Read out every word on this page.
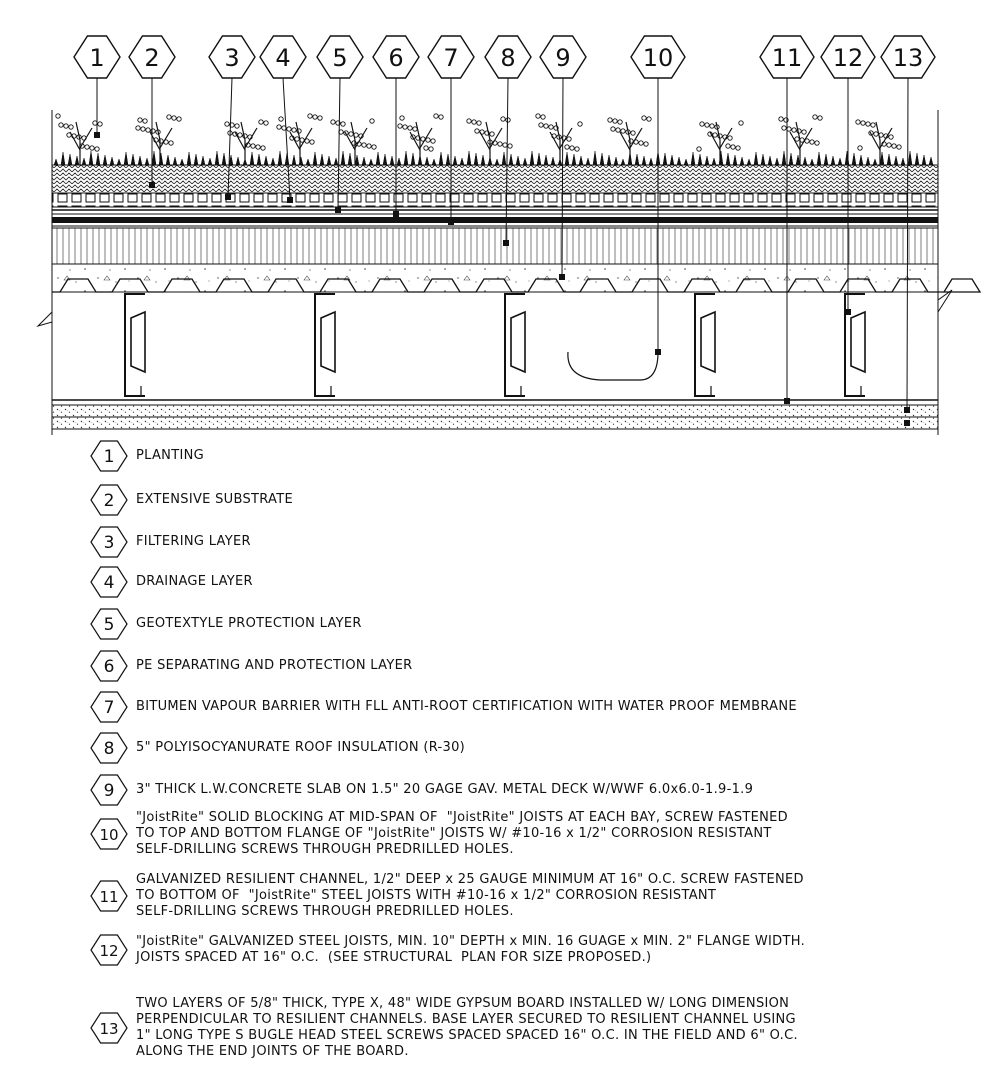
1 2	3 4 5 6 7 8 9	10	11 12 13
1 PLANTING
2 EXTENSIVE SUBSTRATE
3 FILTERING LAYER
4 DRAINAGE LAYER
5 GEOTEXTYLE PROTECTION LAYER
6 PE SEPARATING AND PROTECTION LAYER
7 BITUMEN VAPOUR BARRIER WITH FLL ANTI-ROOT CERTIFICATION WITH WATER PROOF MEMBRANE
8 5" POLYISOCYANURATE ROOF INSULATION (R-30)
9 3" THICK L.W.CONCRETE SLAB ON 1.5" 20 GAGE GAV. METAL DECK W/WWF 6.0x6.0-1.9-1.9
10
"JoistRite" SOLID BLOCKING AT MID-SPAN OF  "JoistRite" JOISTS AT EACH BAY, SCREW FASTENED
TO TOP AND BOTTOM FLANGE OF "JoistRite" JOISTS W/ #10-16 x 1/2" CORROSION RESISTANT
SELF-DRILLING SCREWS THROUGH PREDRILLED HOLES.
11
GALVANIZED RESILIENT CHANNEL, 1/2" DEEP x 25 GAUGE MINIMUM AT 16" O.C. SCREW FASTENED
TO BOTTOM OF  "JoistRite" STEEL JOISTS WITH #10-16 x 1/2" CORROSION RESISTANT
SELF-DRILLING SCREWS THROUGH PREDRILLED HOLES.
12
"JoistRite" GALVANIZED STEEL JOISTS, MIN. 10" DEPTH x MIN. 16 GUAGE x MIN. 2" FLANGE WIDTH.
JOISTS SPACED AT 16" O.C.  (SEE STRUCTURAL  PLAN FOR SIZE PROPOSED.)
13
TWO LAYERS OF 5/8" THICK, TYPE X, 48" WIDE GYPSUM BOARD INSTALLED W/ LONG DIMENSION
PERPENDICULAR TO RESILIENT CHANNELS. BASE LAYER SECURED TO RESILIENT CHANNEL USING
1" LONG TYPE S BUGLE HEAD STEEL SCREWS SPACED SPACED 16" O.C. IN THE FIELD AND 6" O.C.
ALONG THE END JOINTS OF THE BOARD.
